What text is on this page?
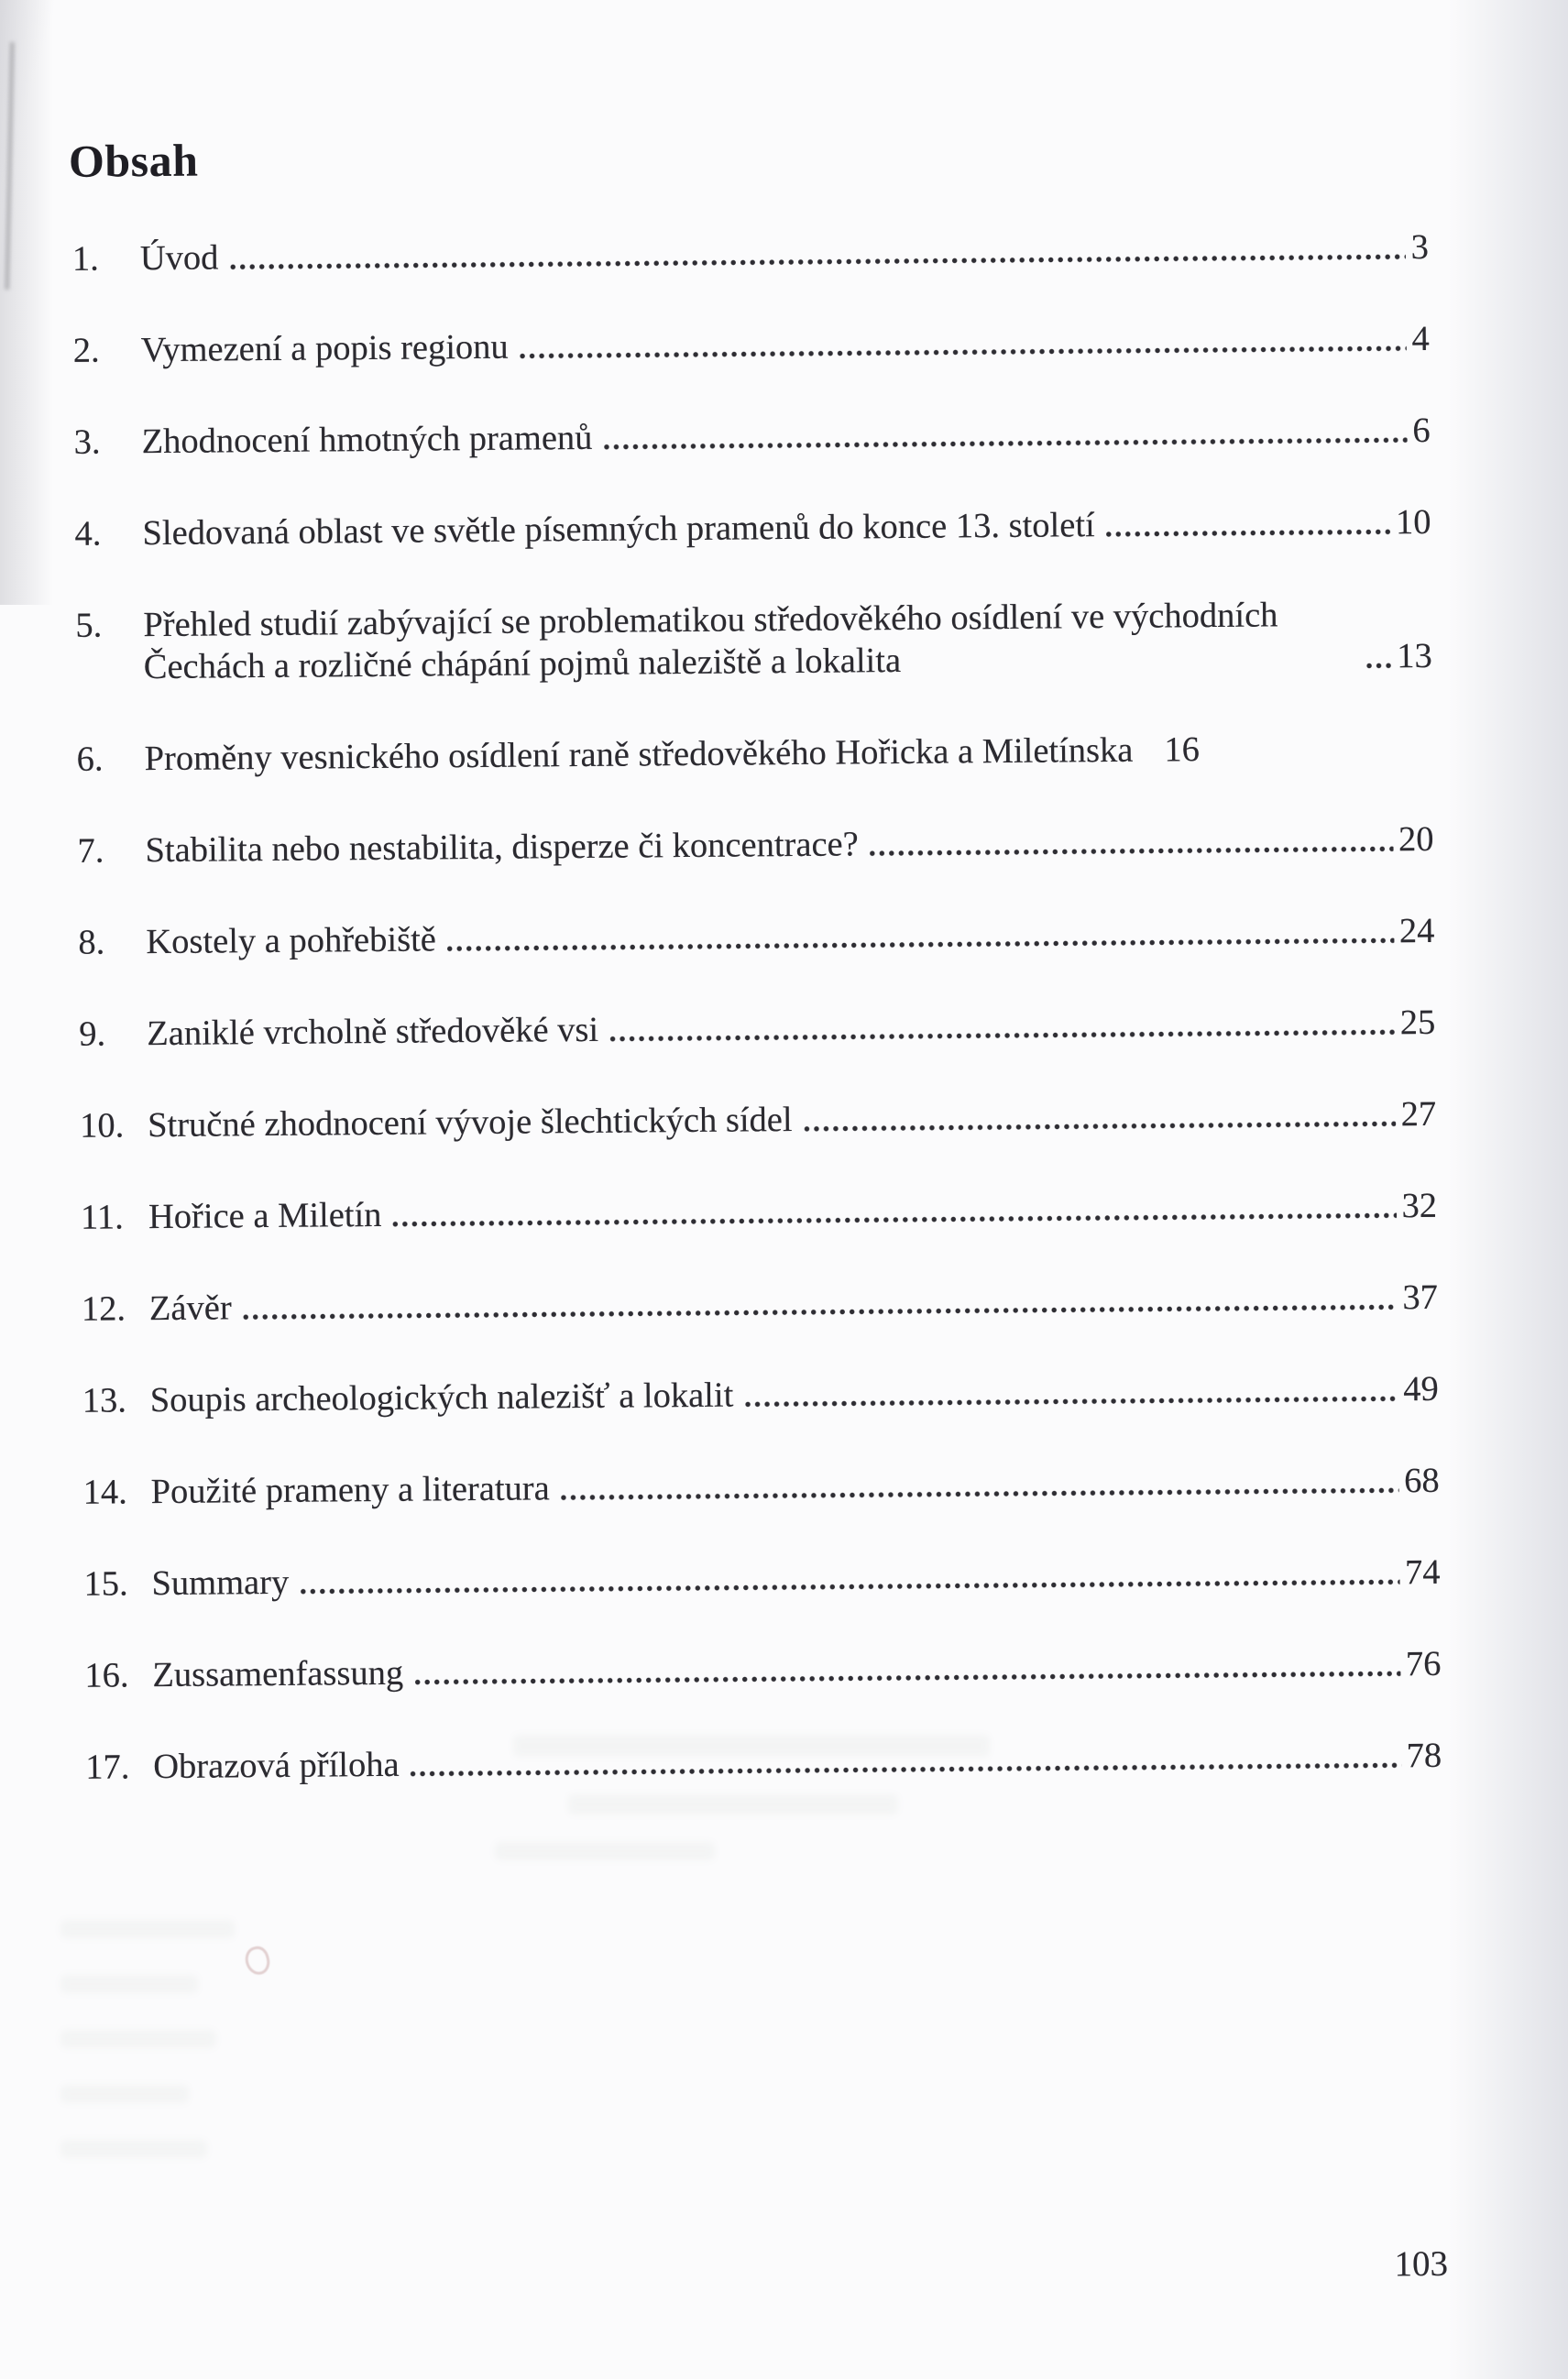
Obsah
1.	Úvod	3
2.	Vymezení a popis regionu	4
3.	Zhodnocení hmotných pramenů	6
4.	Sledovaná oblast ve světle písemných pramenů do konce 13. století	10
5.	Přehled studií zabývající se problematikou středověkého osídlení ve východních Čechách a rozličné chápání pojmů naleziště a lokalita	13
6.	Proměny vesnického osídlení raně středověkého Hořicka a Miletínska 16
7.	Stabilita nebo nestabilita, disperze či koncentrace?	20
8.	Kostely a pohřebiště	24
9.	Zaniklé vrcholně středověké vsi	25
10. Stručné zhodnocení vývoje šlechtických sídel	27
11. Hořice a Miletín	32
12. Závěr	37
13. Soupis archeologických nalezišť a lokalit	49
14. Použité prameny a literatura	68
15. Summary	74
16. Zussamenfassung	76
17. Obrazová příloha	78
103
